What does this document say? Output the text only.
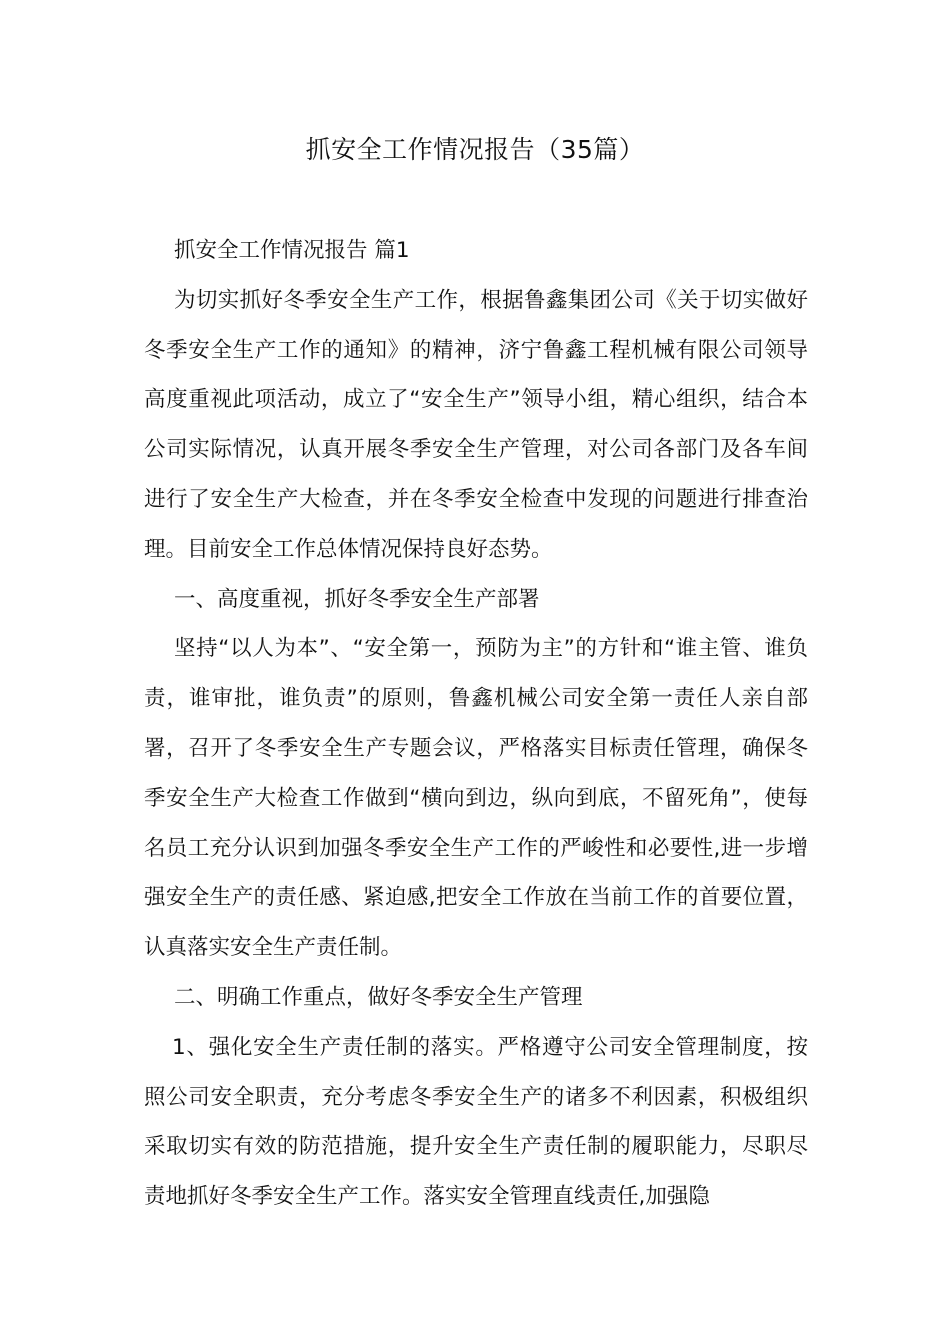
抓安全工作情况报告（35篇）

抓安全工作情况报告 篇1

为切实抓好冬季安全生产工作，根据鲁鑫集团公司《关于切实做好冬季安全生产工作的通知》的精神，济宁鲁鑫工程机械有限公司领导高度重视此项活动，成立了“安全生产”领导小组，精心组织，结合本公司实际情况，认真开展冬季安全生产管理，对公司各部门及各车间进行了安全生产大检查，并在冬季安全检查中发现的问题进行排查治理。目前安全工作总体情况保持良好态势。

一、高度重视，抓好冬季安全生产部署

坚持“以人为本”、“安全第一，预防为主”的方针和“谁主管、谁负责，谁审批，谁负责”的原则，鲁鑫机械公司安全第一责任人亲自部署，召开了冬季安全生产专题会议，严格落实目标责任管理，确保冬季安全生产大检查工作做到“横向到边，纵向到底，不留死角”，使每名员工充分认识到加强冬季安全生产工作的严峻性和必要性,进一步增强安全生产的责任感、紧迫感,把安全工作放在当前工作的首要位置，认真落实安全生产责任制。

二、明确工作重点，做好冬季安全生产管理

1、强化安全生产责任制的落实。严格遵守公司安全管理制度，按照公司安全职责，充分考虑冬季安全生产的诸多不利因素，积极组织采取切实有效的防范措施，提升安全生产责任制的履职能力，尽职尽责地抓好冬季安全生产工作。落实安全管理直线责任,加强隐
